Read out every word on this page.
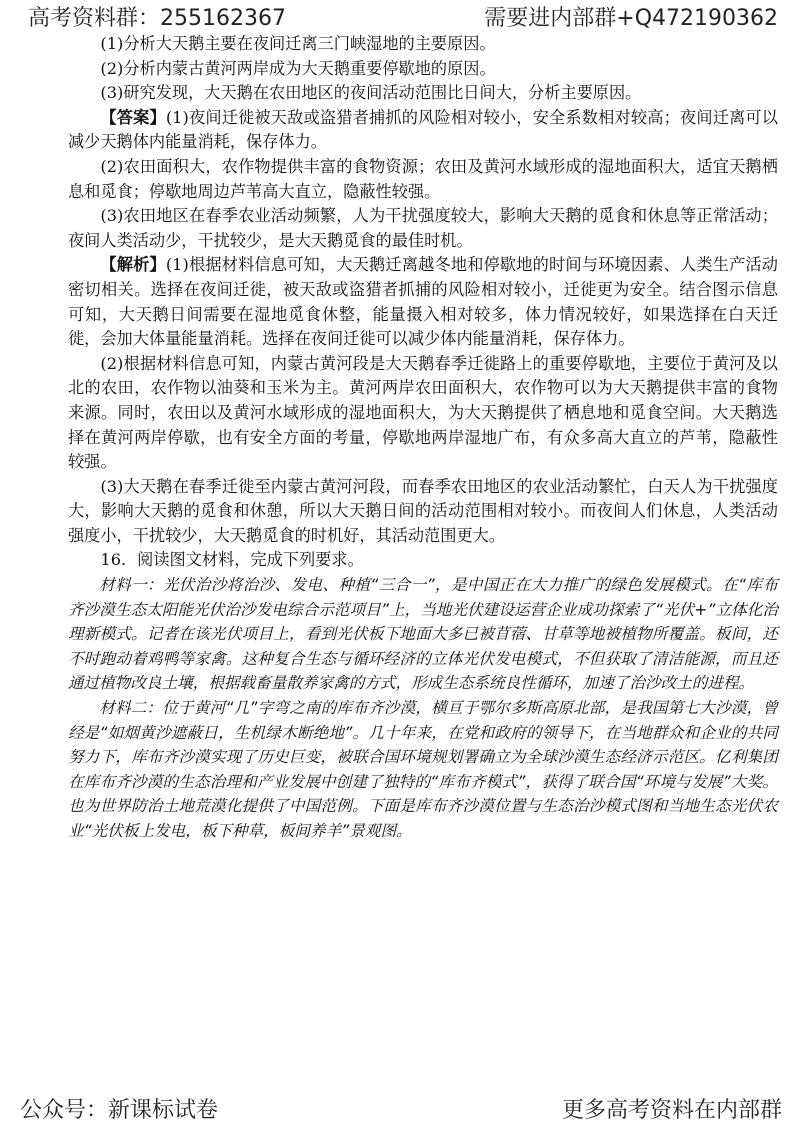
高考资料群：255162367	需要进内部群+Q472190362

(1)分析大天鹅主要在夜间迁离三门峡湿地的主要原因。

(2)分析内蒙古黄河两岸成为大天鹅重要停歇地的原因。

(3)研究发现，大天鹅在农田地区的夜间活动范围比日间大，分析主要原因。

【答案】(1)夜间迁徙被天敌或盗猎者捕抓的风险相对较小，安全系数相对较高；夜间迁离可以减少天鹅体内能量消耗，保存体力。

(2)农田面积大，农作物提供丰富的食物资源；农田及黄河水域形成的湿地面积大，适宜天鹅栖息和觅食；停歇地周边芦苇高大直立，隐蔽性较强。

(3)农田地区在春季农业活动频繁，人为干扰强度较大，影响大天鹅的觅食和休息等正常活动；夜间人类活动少，干扰较少，是大天鹅觅食的最佳时机。

【解析】(1)根据材料信息可知，大天鹅迁离越冬地和停歇地的时间与环境因素、人类生产活动密切相关。选择在夜间迁徙，被天敌或盗猎者抓捕的风险相对较小，迁徙更为安全。结合图示信息可知，大天鹅日间需要在湿地觅食休整，能量摄入相对较多，体力情况较好，如果选择在白天迁徙，会加大体量能量消耗。选择在夜间迁徙可以减少体内能量消耗，保存体力。

(2)根据材料信息可知，内蒙古黄河段是大天鹅春季迁徙路上的重要停歇地，主要位于黄河及以北的农田，农作物以油葵和玉米为主。黄河两岸农田面积大，农作物可以为大天鹅提供丰富的食物来源。同时，农田以及黄河水域形成的湿地面积大，为大天鹅提供了栖息地和觅食空间。大天鹅选择在黄河两岸停歇，也有安全方面的考量，停歇地两岸湿地广布，有众多高大直立的芦苇，隐蔽性较强。

(3)大天鹅在春季迁徙至内蒙古黄河河段，而春季农田地区的农业活动繁忙，白天人为干扰强度大，影响大天鹅的觅食和休憩，所以大天鹅日间的活动范围相对较小。而夜间人们休息，人类活动强度小，干扰较少，大天鹅觅食的时机好，其活动范围更大。

16．阅读图文材料，完成下列要求。

材料一：光伏治沙将治沙、发电、种植“三合一”，是中国正在大力推广的绿色发展模式。在“库布齐沙漠生态太阳能光伏治沙发电综合示范项目”上，当地光伏建设运营企业成功探索了“光伏+”立体化治理新模式。记者在该光伏项目上，看到光伏板下地面大多已被苜蓿、甘草等地被植物所覆盖。板间，还不时跑动着鸡鸭等家禽。这种复合生态与循环经济的立体光伏发电模式，不但获取了清洁能源，而且还通过植物改良土壤，根据载畜量散养家禽的方式，形成生态系统良性循环，加速了治沙改土的进程。

材料二：位于黄河“几”字弯之南的库布齐沙漠，横亘于鄂尔多斯高原北部，是我国第七大沙漠，曾经是“如烟黄沙遮蔽日，生机绿木断绝地”。几十年来，在党和政府的领导下，在当地群众和企业的共同努力下，库布齐沙漠实现了历史巨变，被联合国环境规划署确立为全球沙漠生态经济示范区。亿利集团在库布齐沙漠的生态治理和产业发展中创建了独特的“库布齐模式”，获得了联合国“环境与发展”大奖。也为世界防治土地荒漠化提供了中国范例。下面是库布齐沙漠位置与生态治沙模式图和当地生态光伏农业“光伏板上发电，板下种草，板间养羊”景观图。

公众号：新课标试卷	更多高考资料在内部群
